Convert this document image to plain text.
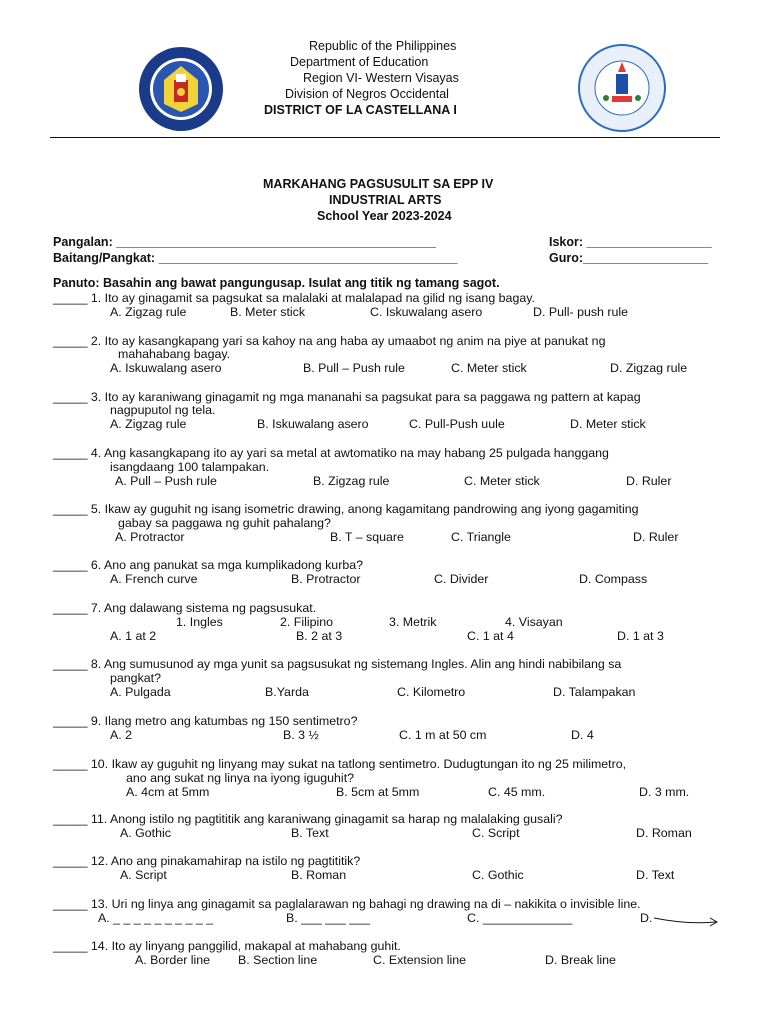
Republic of the Philippines
Department of Education
Region VI- Western Visayas
Division of Negros Occidental
DISTRICT OF LA CASTELLANA I
MARKAHANG PAGSUSULIT SA EPP IV
INDUSTRIAL ARTS
School Year 2023-2024
Pangalan: ______________________________________________
Baitang/Pangkat: ___________________________________________
Iskor: __________________
Guro:__________________
Panuto: Basahin ang bawat pangungusap. Isulat ang titik ng tamang sagot.
_____ 1. Ito ay ginagamit sa pagsukat sa malalaki at malalapad na gilid ng isang bagay.
A. Zigzag rule	B. Meter stick	C. Iskuwalang asero	D. Pull- push rule
_____ 2. Ito ay kasangkapang yari sa kahoy na ang haba ay umaabot ng anim na piye at panukat ng
mahahabang bagay.
A. Iskuwalang asero	B. Pull – Push rule	C. Meter stick	D. Zigzag rule
_____ 3. Ito ay karaniwang ginagamit ng mga mananahi sa pagsukat para sa paggawa ng pattern at kapag
nagpuputol ng tela.
A. Zigzag rule	B. Iskuwalang asero	C. Pull-Push uule	D. Meter stick
_____ 4. Ang kasangkapang ito ay yari sa metal at awtomatiko na may habang 25 pulgada hanggang
isangdaang 100 talampakan.
A. Pull – Push rule	B. Zigzag rule	C. Meter stick	D. Ruler
_____ 5. Ikaw ay guguhit ng isang isometric drawing, anong kagamitang pandrowing ang iyong gagamiting
gabay sa paggawa ng guhit pahalang?
A. Protractor	B. T – square	C. Triangle	D. Ruler
_____ 6. Ano ang panukat sa mga kumplikadong kurba?
A. French curve	B. Protractor	C. Divider	D. Compass
_____ 7. Ang dalawang sistema ng pagsusukat.
1. Ingles	2. Filipino	3. Metrik	4. Visayan
A. 1 at 2	B. 2 at 3	C. 1 at 4	D. 1 at 3
_____ 8. Ang sumusunod ay mga yunit sa pagsusukat ng sistemang Ingles. Alin ang hindi nabibilang sa
pangkat?
A. Pulgada	B.Yarda	C. Kilometro	D. Talampakan
_____ 9. Ilang metro ang katumbas ng 150 sentimetro?
A. 2	B. 3 ½	C. 1 m at 50 cm	D. 4
_____ 10. Ikaw ay guguhit ng linyang may sukat na tatlong sentimetro. Dudugtungan ito ng 25 milimetro,
ano ang sukat ng linya na iyong iguguhit?
A. 4cm at 5mm	B. 5cm at 5mm	C. 45 mm.	D. 3 mm.
_____ 11. Anong istilo ng pagtititik ang karaniwang ginagamit sa harap ng malalaking gusali?
A. Gothic	B. Text	C. Script	D. Roman
_____ 12. Ano ang pinakamahirap na istilo ng pagtititik?
A. Script	B. Roman	C. Gothic	D. Text
_____ 13. Uri ng linya ang ginagamit sa paglalarawan ng bahagi ng drawing na di – nakikita o invisible line.
A. _ _ _ _ _ _ _ _ _ _	B. ___ ___ ___	C. _____________	D.
_____ 14. Ito ay linyang panggilid, makapal at mahabang guhit.
A. Border line B. Section line	C. Extension line	D. Break line
